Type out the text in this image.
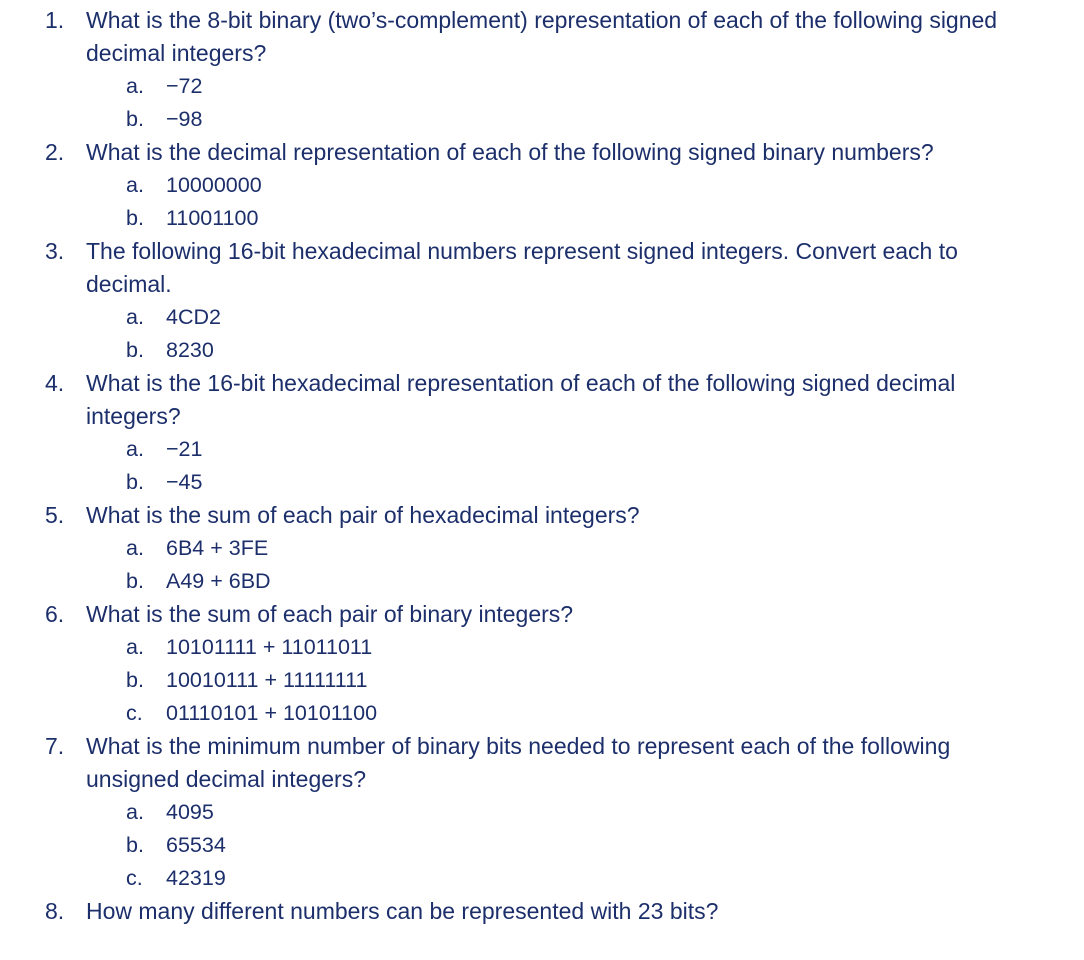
1. What is the 8-bit binary (two’s-complement) representation of each of the following signed decimal integers?
a. −72
b. −98
2. What is the decimal representation of each of the following signed binary numbers?
a. 10000000
b. 11001100
3. The following 16-bit hexadecimal numbers represent signed integers. Convert each to decimal.
a. 4CD2
b. 8230
4. What is the 16-bit hexadecimal representation of each of the following signed decimal integers?
a. −21
b. −45
5. What is the sum of each pair of hexadecimal integers?
a. 6B4 + 3FE
b. A49 + 6BD
6. What is the sum of each pair of binary integers?
a. 10101111 + 11011011
b. 10010111 + 11111111
c. 01110101 + 10101100
7. What is the minimum number of binary bits needed to represent each of the following unsigned decimal integers?
a. 4095
b. 65534
c. 42319
8. How many different numbers can be represented with 23 bits?
